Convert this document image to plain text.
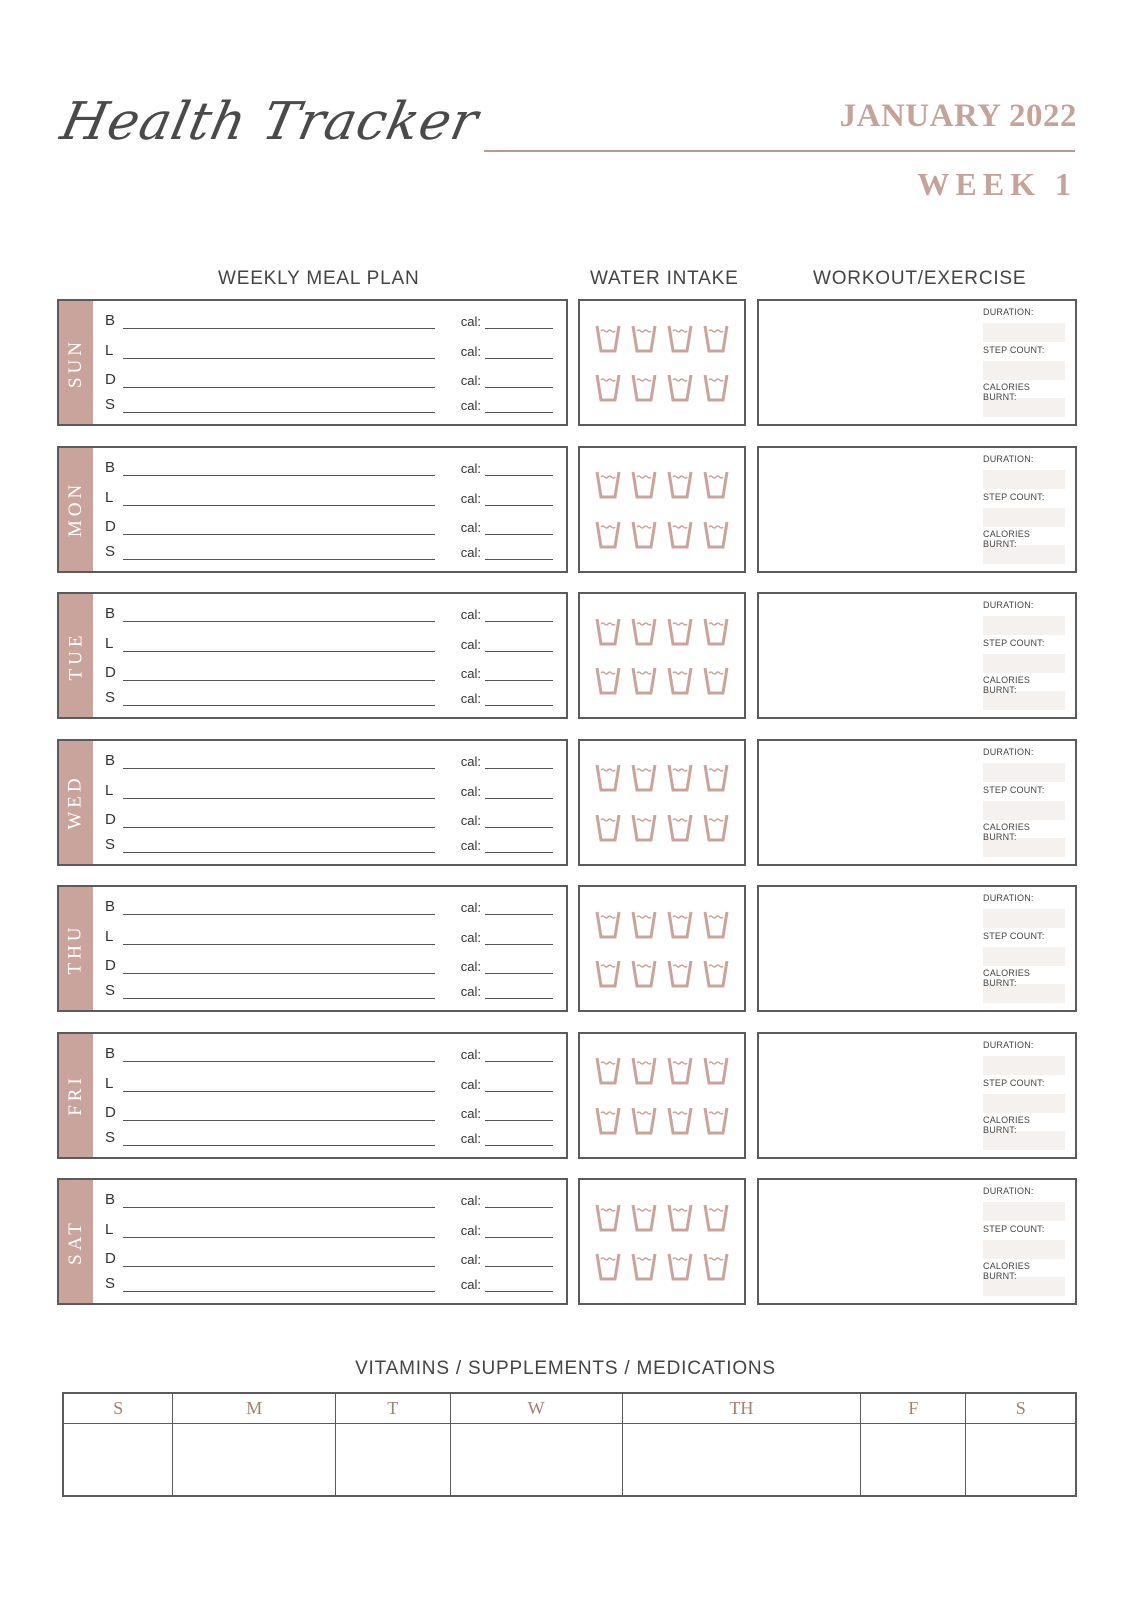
Health Tracker	JANUARY 2022
WEEK 1
WEEKLY MEAL PLAN	WATER INTAKE	WORKOUT/EXERCISE
SUN
B	cal:
L	cal:
D	cal:
S	cal:
DURATION:
STEP COUNT:
CALORIES BURNT:
MON
B	cal:
L	cal:
D	cal:
S	cal:
DURATION:
STEP COUNT:
CALORIES BURNT:
TUE
B	cal:
L	cal:
D	cal:
S	cal:
DURATION:
STEP COUNT:
CALORIES BURNT:
WED
B	cal:
L	cal:
D	cal:
S	cal:
DURATION:
STEP COUNT:
CALORIES BURNT:
THU
B	cal:
L	cal:
D	cal:
S	cal:
DURATION:
STEP COUNT:
CALORIES BURNT:
FRI
B	cal:
L	cal:
D	cal:
S	cal:
DURATION:
STEP COUNT:
CALORIES BURNT:
SAT
B	cal:
L	cal:
D	cal:
S	cal:
DURATION:
STEP COUNT:
CALORIES BURNT:
VITAMINS / SUPPLEMENTS / MEDICATIONS
S	M	T	W	TH	F	S
